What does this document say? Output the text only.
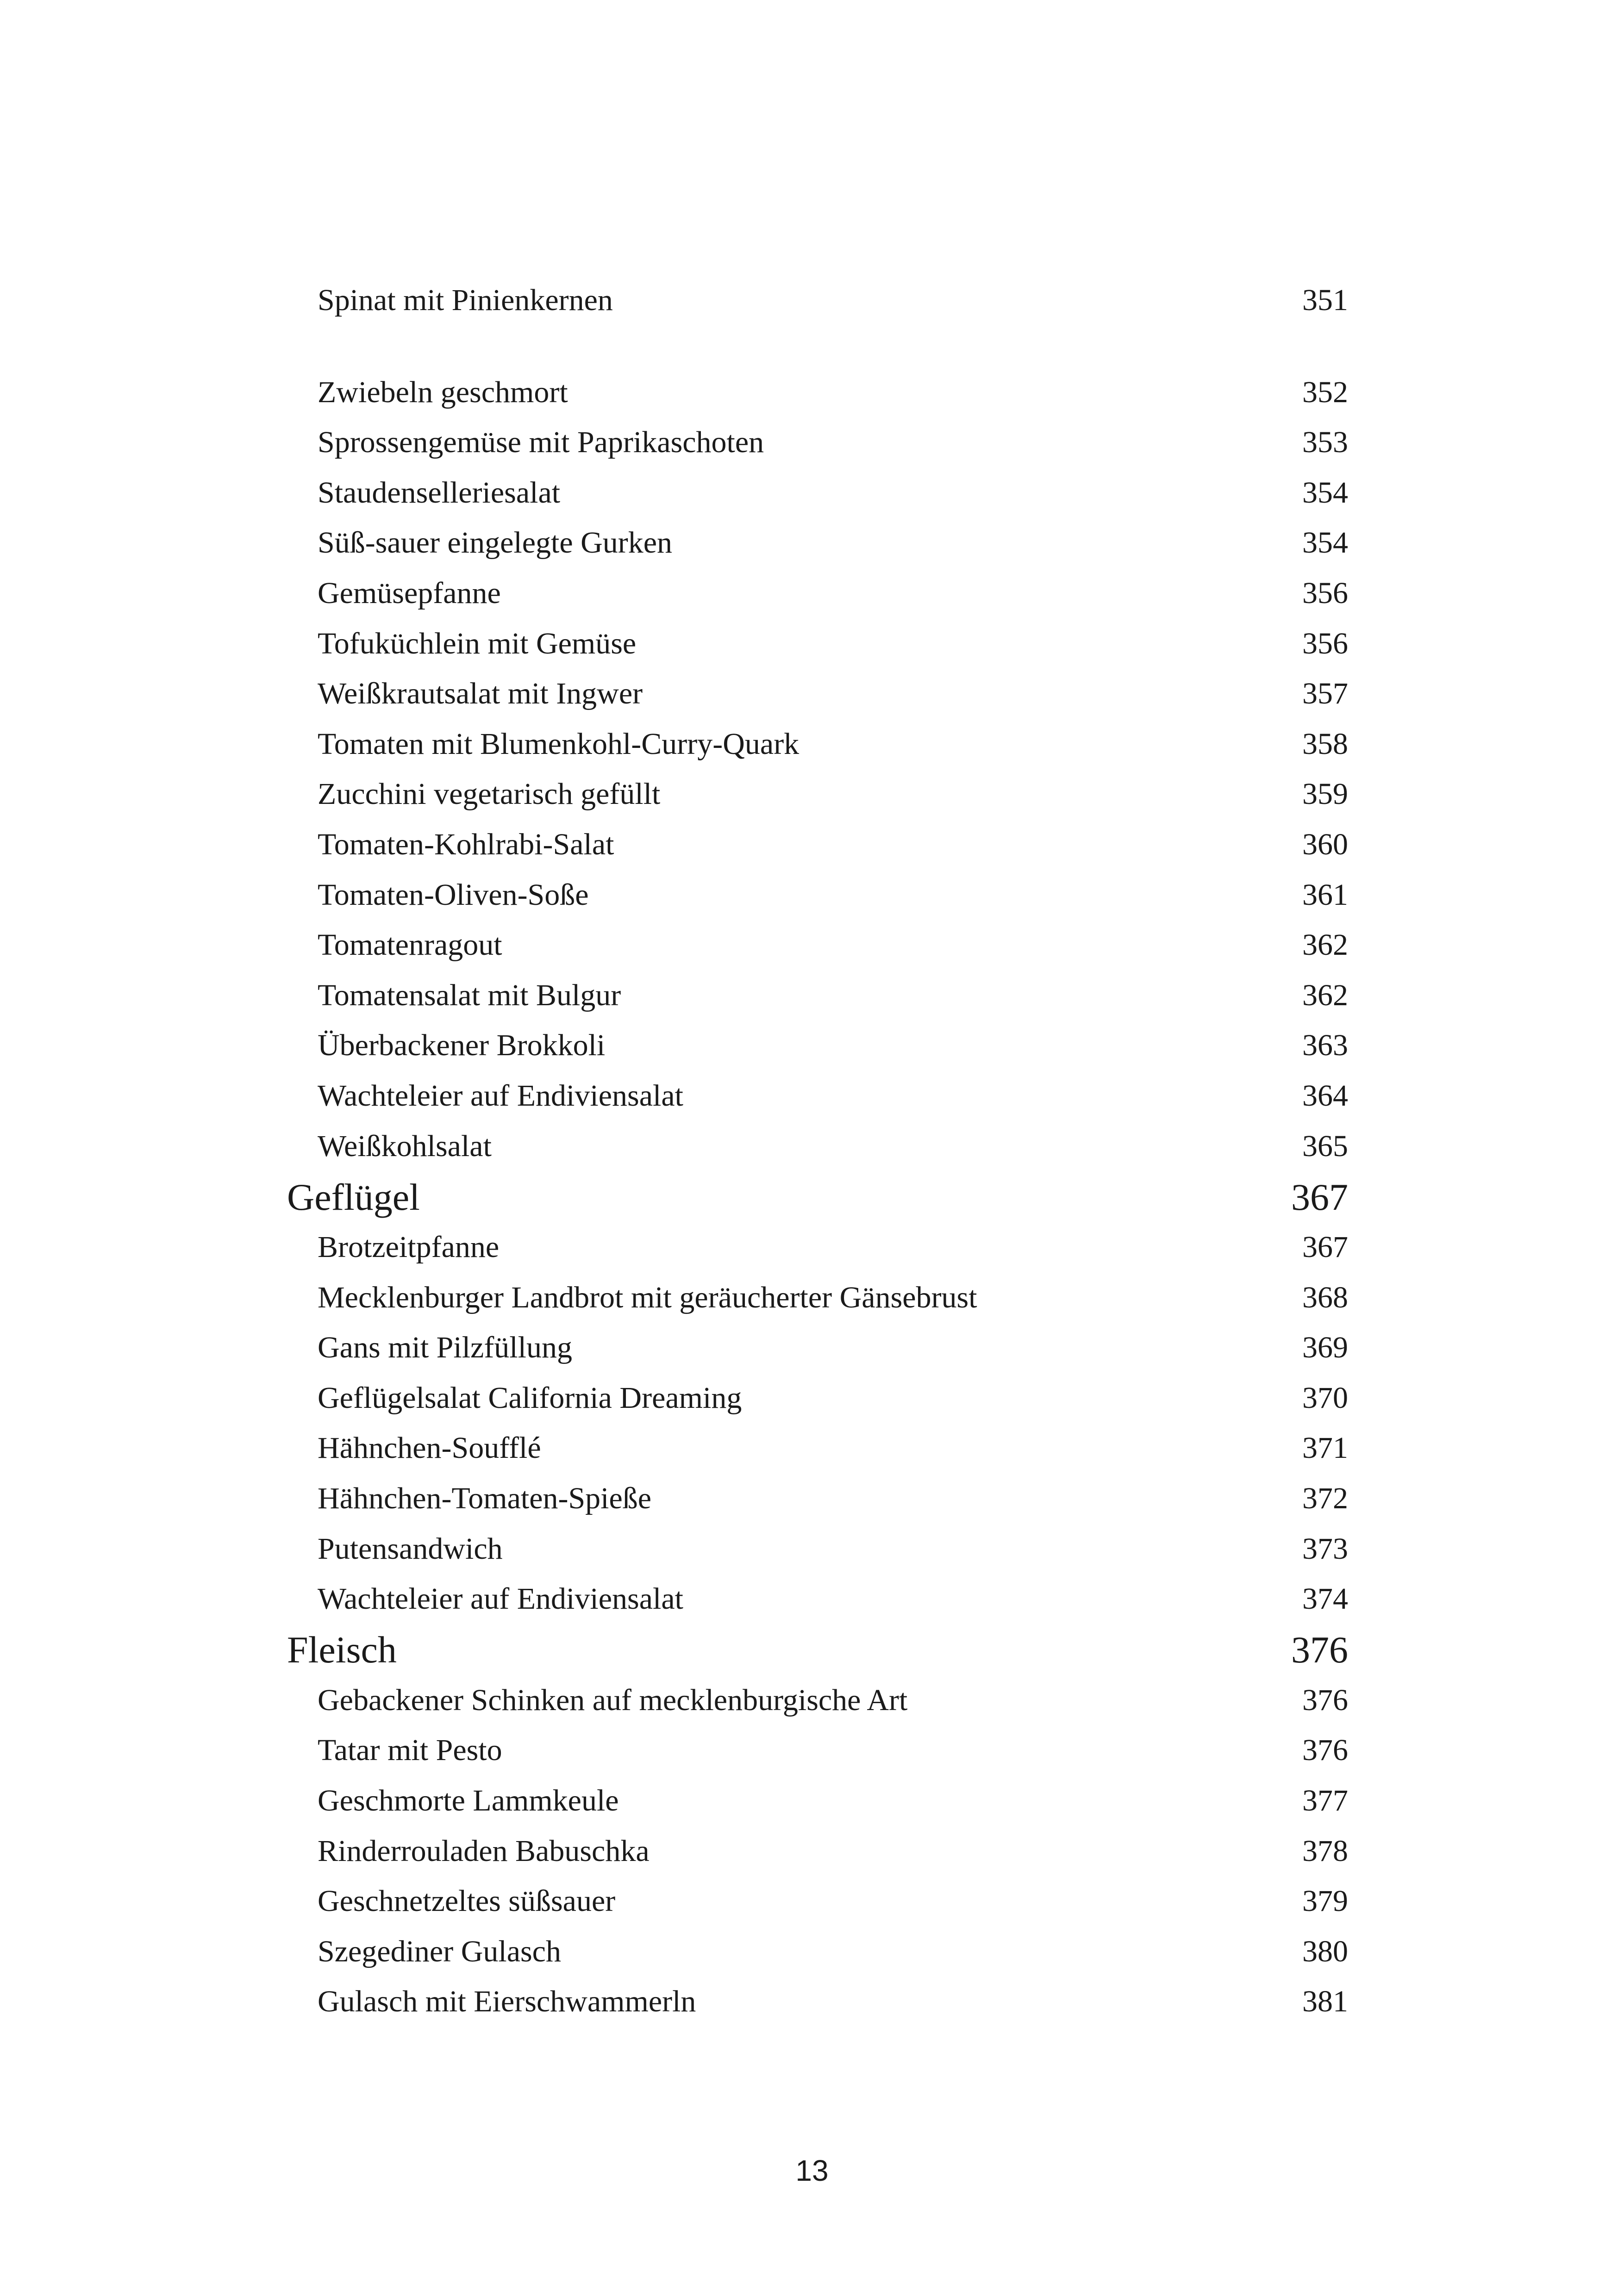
Spinat mit Pinienkernen	351
Zwiebeln geschmort	352
Sprossengemüse mit Paprikaschoten	353
Staudenselleriesalat	354
Süß-sauer eingelegte Gurken	354
Gemüsepfanne	356
Tofuküchlein mit Gemüse	356
Weißkrautsalat mit Ingwer	357
Tomaten mit Blumenkohl-Curry-Quark	358
Zucchini vegetarisch gefüllt	359
Tomaten-Kohlrabi-Salat	360
Tomaten-Oliven-Soße	361
Tomatenragout	362
Tomatensalat mit Bulgur	362
Überbackener Brokkoli	363
Wachteleier auf Endiviensalat	364
Weißkohlsalat	365
Geflügel	367
Brotzeitpfanne	367
Mecklenburger Landbrot mit geräucherter Gänsebrust	368
Gans mit Pilzfüllung	369
Geflügelsalat California Dreaming	370
Hähnchen-Soufflé	371
Hähnchen-Tomaten-Spieße	372
Putensandwich	373
Wachteleier auf Endiviensalat	374
Fleisch	376
Gebackener Schinken auf mecklenburgische Art	376
Tatar mit Pesto	376
Geschmorte Lammkeule	377
Rinderrouladen Babuschka	378
Geschnetzeltes süßsauer	379
Szegediner Gulasch	380
Gulasch mit Eierschwammerln	381
13
